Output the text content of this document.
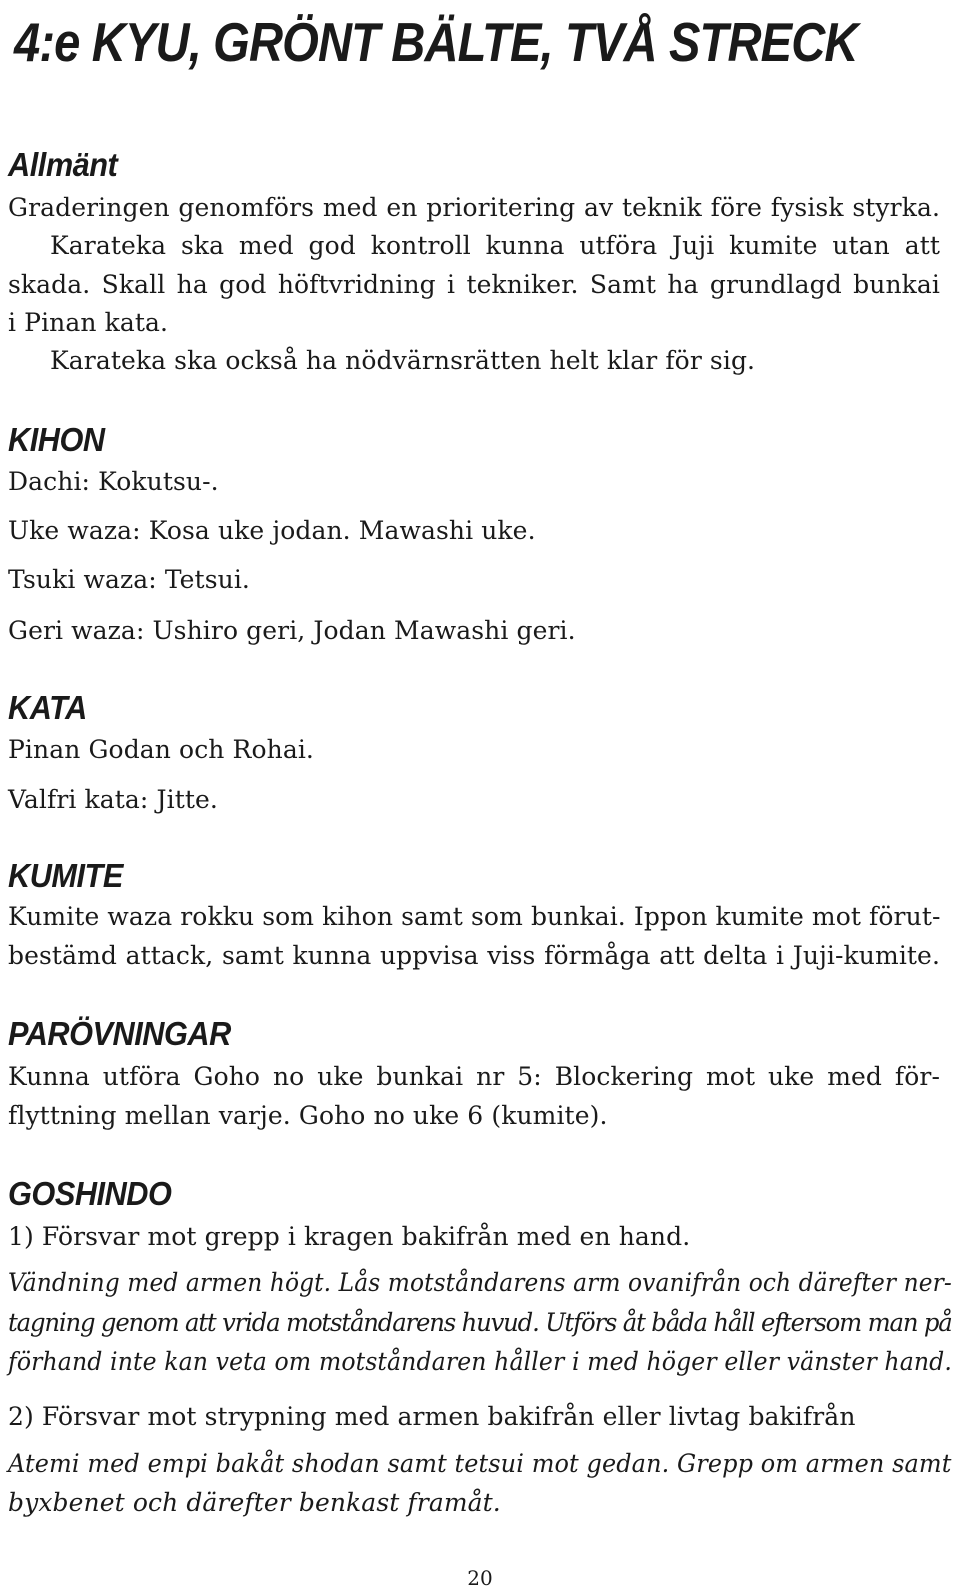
4:e KYU, GRÖNT BÄLTE, TVÅ STRECK
Allmänt
Graderingen genomförs med en prioritering av teknik före fysisk styrka.
Karateka ska med god kontroll kunna utföra Juji kumite utan att
skada. Skall ha god höftvridning i tekniker. Samt ha grundlagd bunkai
i Pinan kata.
Karateka ska också ha nödvärnsrätten helt klar för sig.
KIHON
Dachi: Kokutsu-.
Uke waza: Kosa uke jodan. Mawashi uke.
Tsuki waza: Tetsui.
Geri waza: Ushiro geri, Jodan Mawashi geri.
KATA
Pinan Godan och Rohai.
Valfri kata: Jitte.
KUMITE
Kumite waza rokku som kihon samt som bunkai. Ippon kumite mot förut-
bestämd attack, samt kunna uppvisa viss förmåga att delta i Juji-kumite.
PARÖVNINGAR
Kunna utföra Goho no uke bunkai nr 5: Blockering mot uke med för-
flyttning mellan varje. Goho no uke 6 (kumite).
GOSHINDO
1) Försvar mot grepp i kragen bakifrån med en hand.
Vändning med armen högt. Lås motståndarens arm ovanifrån och därefter ner-
tagning genom att vrida motståndarens huvud. Utförs åt båda håll eftersom man på
förhand inte kan veta om motståndaren håller i med höger eller vänster hand.
2) Försvar mot strypning med armen bakifrån eller livtag bakifrån
Atemi med empi bakåt shodan samt tetsui mot gedan. Grepp om armen samt
byxbenet och därefter benkast framåt.
20
